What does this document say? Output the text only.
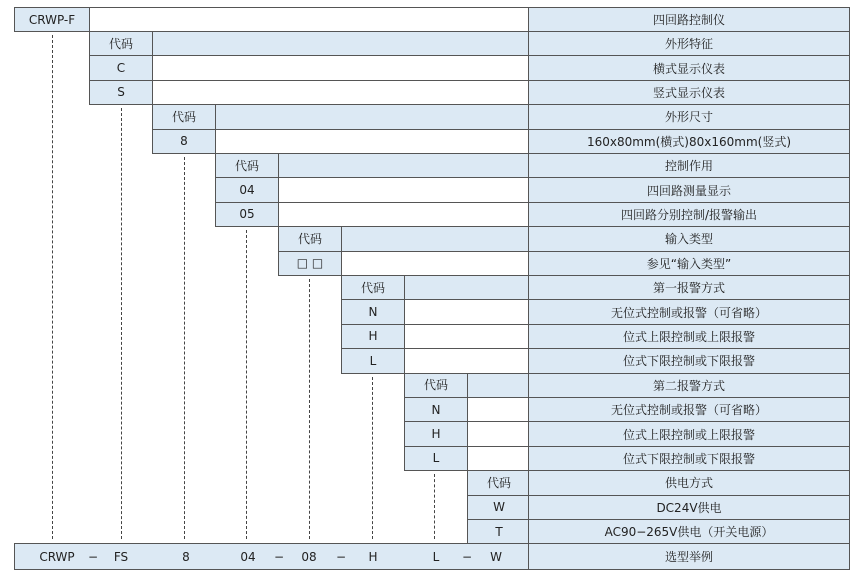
CRWP-F	四回路控制仪
代码	外形特征
C	横式显示仪表
S	竖式显示仪表
代码	外形尺寸
8	160x80mm(横式)80x160mm(竖式)
代码	控制作用
04	四回路测量显示
05	四回路分别控制/报警输出
代码	输入类型
□ □	参见“输入类型”
代码	第一报警方式
N	无位式控制或报警（可省略）
H	位式上限控制或上限报警
L	位式下限控制或下限报警
代码	第二报警方式
N	无位式控制或报警（可省略）
H	位式上限控制或上限报警
L	位式下限控制或下限报警
代码	供电方式
W	DC24V供电
T	AC90−265V供电（开关电源）
CRWP − FS	8	04 − 08 − H	L − W	选型举例
